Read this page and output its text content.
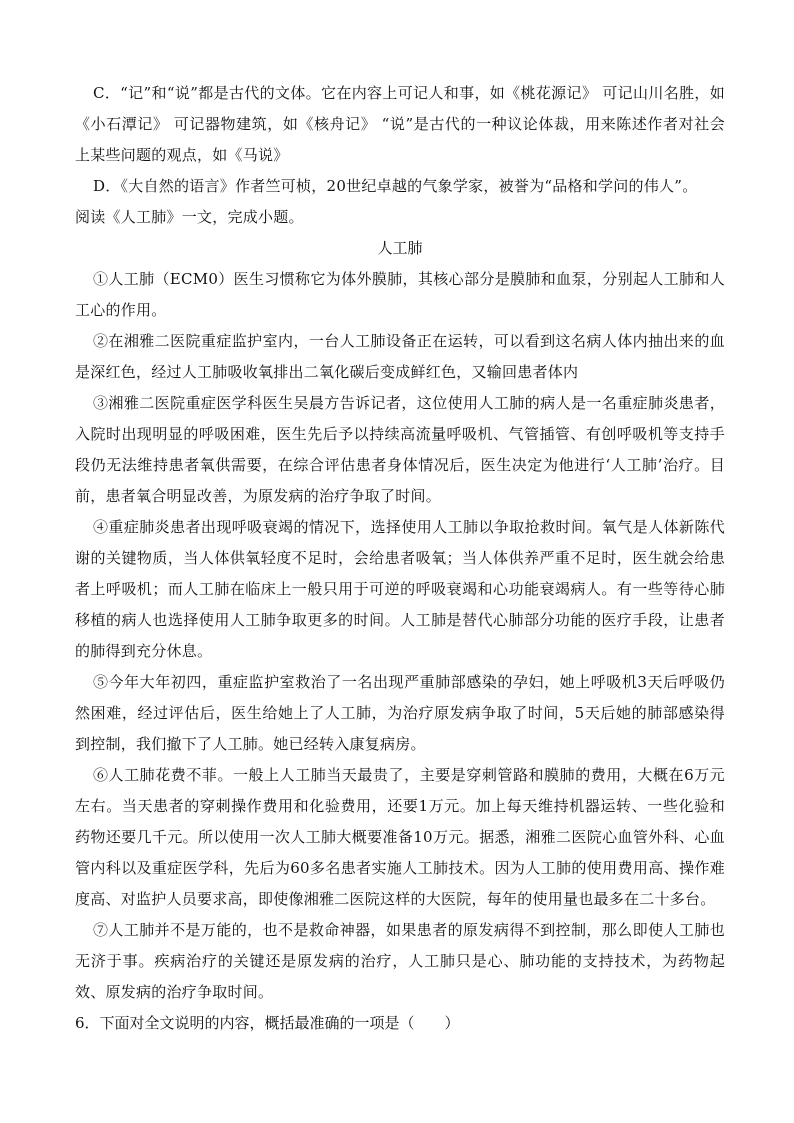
C．“记”和“说”都是古代的文体。它在内容上可记人和事，如《桃花源记》 可记山川名胜，如《小石潭记》 可记器物建筑，如《核舟记》 “说”是古代的一种议论体裁，用来陈述作者对社会上某些问题的观点，如《马说》

D．《大自然的语言》作者竺可桢，20世纪卓越的气象学家，被誉为“品格和学问的伟人”。

阅读《人工肺》一文，完成小题。

人工肺

①人工肺（ECM0）医生习惯称它为体外膜肺，其核心部分是膜肺和血泵，分别起人工肺和人工心的作用。

②在湘雅二医院重症监护室内，一台人工肺设备正在运转，可以看到这名病人体内抽出来的血是深红色，经过人工肺吸收氧排出二氧化碳后变成鲜红色，又输回患者体内

③湘雅二医院重症医学科医生吴晨方告诉记者，这位使用人工肺的病人是一名重症肺炎患者，入院时出现明显的呼吸困难，医生先后予以持续高流量呼吸机、气管插管、有创呼吸机等支持手段仍无法维持患者氧供需要，在综合评估患者身体情况后，医生决定为他进行‘人工肺’治疗。目前，患者氧合明显改善，为原发病的治疗争取了时间。

④重症肺炎患者出现呼吸衰竭的情况下，选择使用人工肺以争取抢救时间。氧气是人体新陈代谢的关键物质，当人体供氧轻度不足时，会给患者吸氧；当人体供养严重不足时，医生就会给患者上呼吸机；而人工肺在临床上一般只用于可逆的呼吸衰竭和心功能衰竭病人。有一些等待心肺移植的病人也选择使用人工肺争取更多的时间。人工肺是替代心肺部分功能的医疗手段，让患者的肺得到充分休息。

⑤今年大年初四，重症监护室救治了一名出现严重肺部感染的孕妇，她上呼吸机3天后呼吸仍然困难，经过评估后，医生给她上了人工肺，为治疗原发病争取了时间，5天后她的肺部感染得到控制，我们撤下了人工肺。她已经转入康复病房。

⑥人工肺花费不菲。一般上人工肺当天最贵了，主要是穿刺管路和膜肺的费用，大概在6万元左右。当天患者的穿刺操作费用和化验费用，还要1万元。加上每天维持机器运转、一些化验和药物还要几千元。所以使用一次人工肺大概要准备10万元。据悉，湘雅二医院心血管外科、心血管内科以及重症医学科，先后为60多名患者实施人工肺技术。因为人工肺的使用费用高、操作难度高、对监护人员要求高，即使像湘雅二医院这样的大医院，每年的使用量也最多在二十多台。

⑦人工肺并不是万能的，也不是救命神器，如果患者的原发病得不到控制，那么即使人工肺也无济于事。疾病治疗的关键还是原发病的治疗，人工肺只是心、肺功能的支持技术，为药物起效、原发病的治疗争取时间。

6．下面对全文说明的内容，概括最准确的一项是（　　）
